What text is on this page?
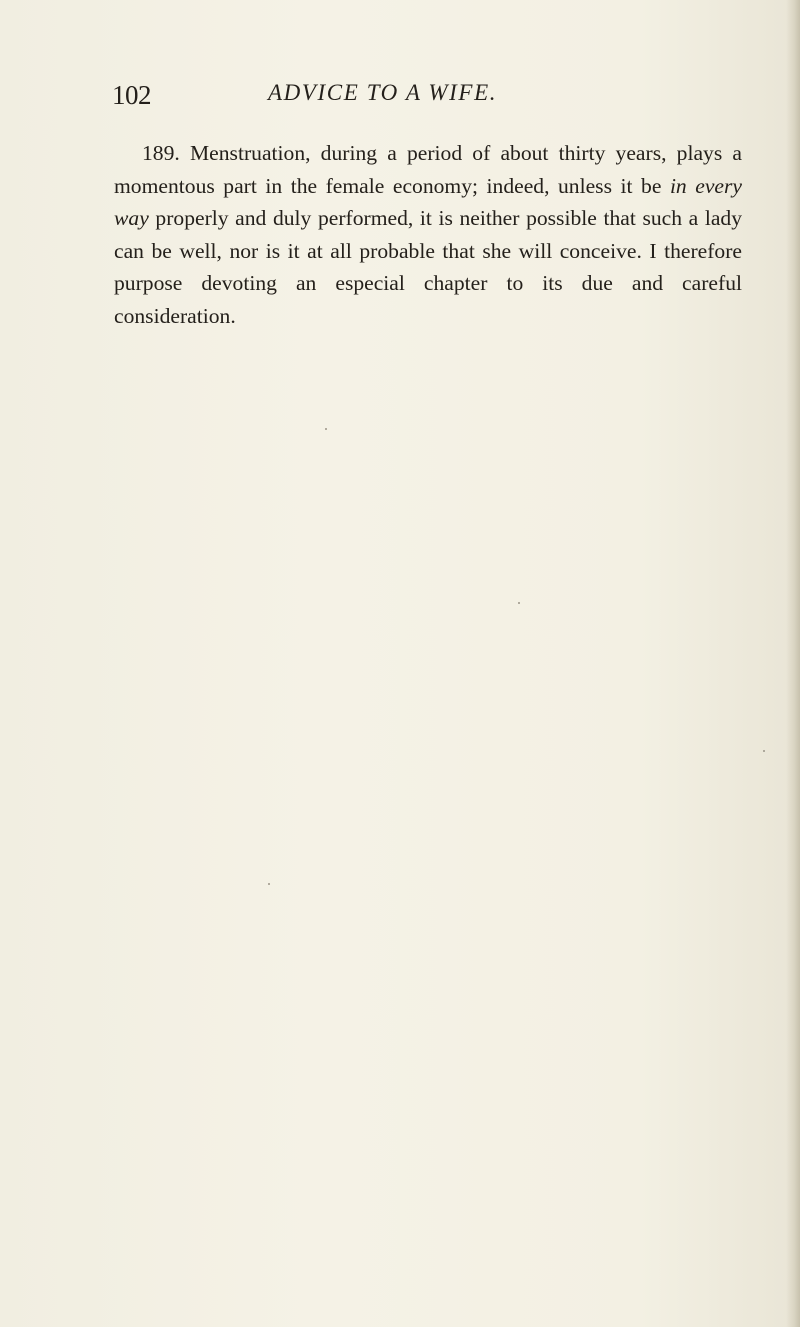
102	ADVICE TO A WIFE.

189. Menstruation, during a period of about thirty years, plays a momentous part in the female economy; indeed, unless it be in every way properly and duly performed, it is neither possible that such a lady can be well, nor is it at all probable that she will conceive. I therefore purpose devoting an especial chapter to its due and careful consideration.
